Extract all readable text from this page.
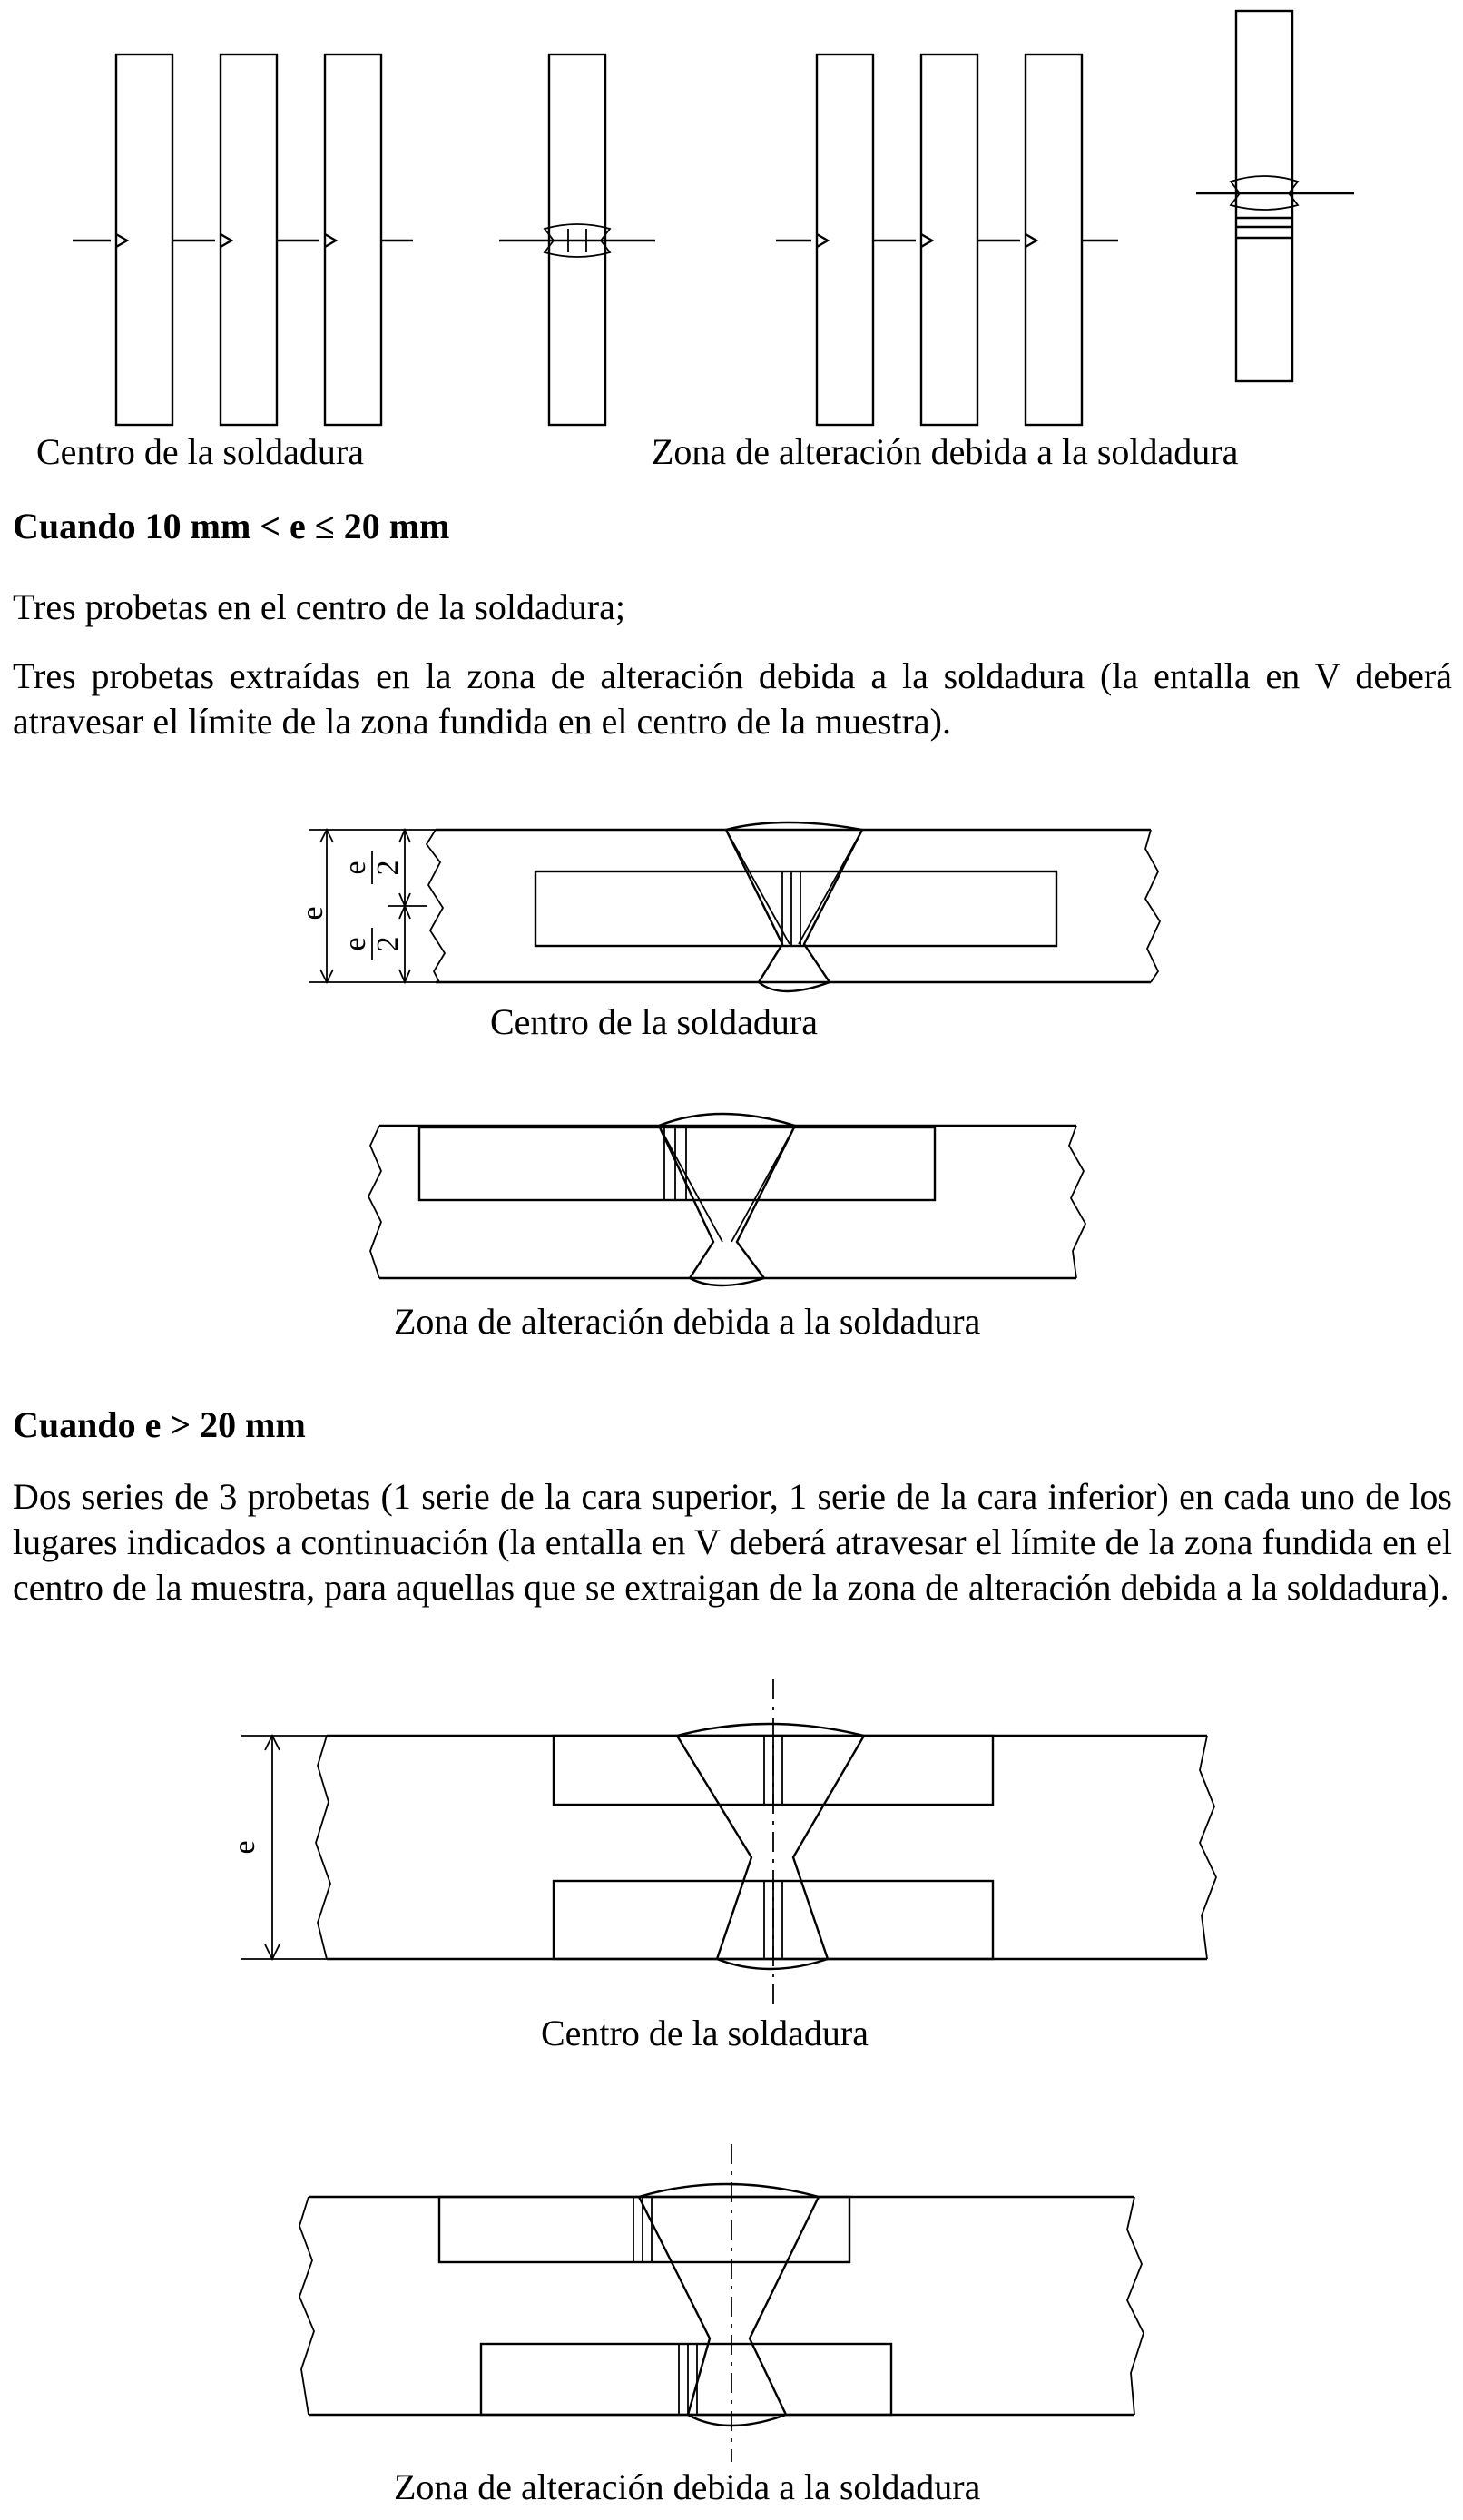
Centro de la soldadura	Zona de alteración debida a la soldadura
Cuando 10 mm < e ≤ 20 mm

Tres probetas en el centro de la soldadura;

Tres probetas extraídas en la zona de alteración debida a la soldadura (la entalla en V deberá atravesar el límite de la zona fundida en el centro de la muestra).

e
e 2
e 2
Centro de la soldadura
Zona de alteración debida a la soldadura
Cuando e > 20 mm

Dos series de 3 probetas (1 serie de la cara superior, 1 serie de la cara inferior) en cada uno de los lugares indicados a continuación (la entalla en V deberá atravesar el límite de la zona fundida en el centro de la muestra, para aquellas que se extraigan de la zona de alteración debida a la soldadura).

e
Centro de la soldadura
Zona de alteración debida a la soldadura
